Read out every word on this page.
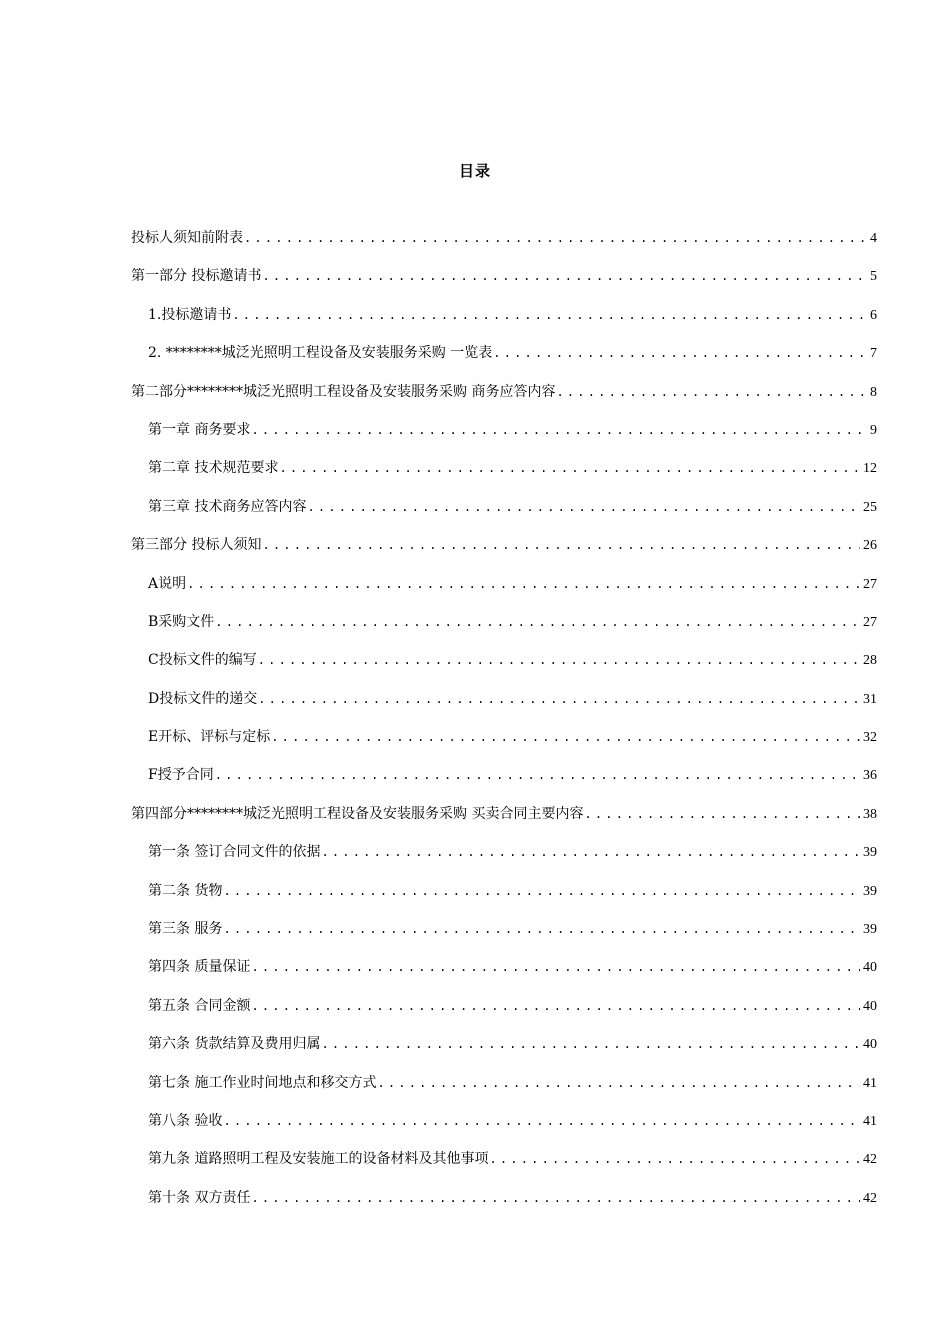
目录
投标人须知前附表 .....	4
第一部分 投标邀请书 .....	5
1.投标邀请书 .....	6
2. ********城泛光照明工程设备及安装服务采购 一览表 .....	7
第二部分********城泛光照明工程设备及安装服务采购 商务应答内容 .....	8
第一章 商务要求 .....	9
第二章 技术规范要求 .....	12
第三章 技术商务应答内容 .....	25
第三部分 投标人须知 .....	26
A说明 .....	27
B采购文件 .....	27
C投标文件的编写 .....	28
D投标文件的递交 .....	31
E开标、评标与定标 .....	32
F授予合同 .....	36
第四部分********城泛光照明工程设备及安装服务采购 买卖合同主要内容 .....	38
第一条 签订合同文件的依据 .....	39
第二条 货物 .....	39
第三条 服务 .....	39
第四条 质量保证 .....	40
第五条 合同金额 .....	40
第六条 货款结算及费用归属 .....	40
第七条 施工作业时间地点和移交方式 .....	41
第八条 验收 .....	41
第九条 道路照明工程及安装施工的设备材料及其他事项 .....	42
第十条 双方责任 .....	42
